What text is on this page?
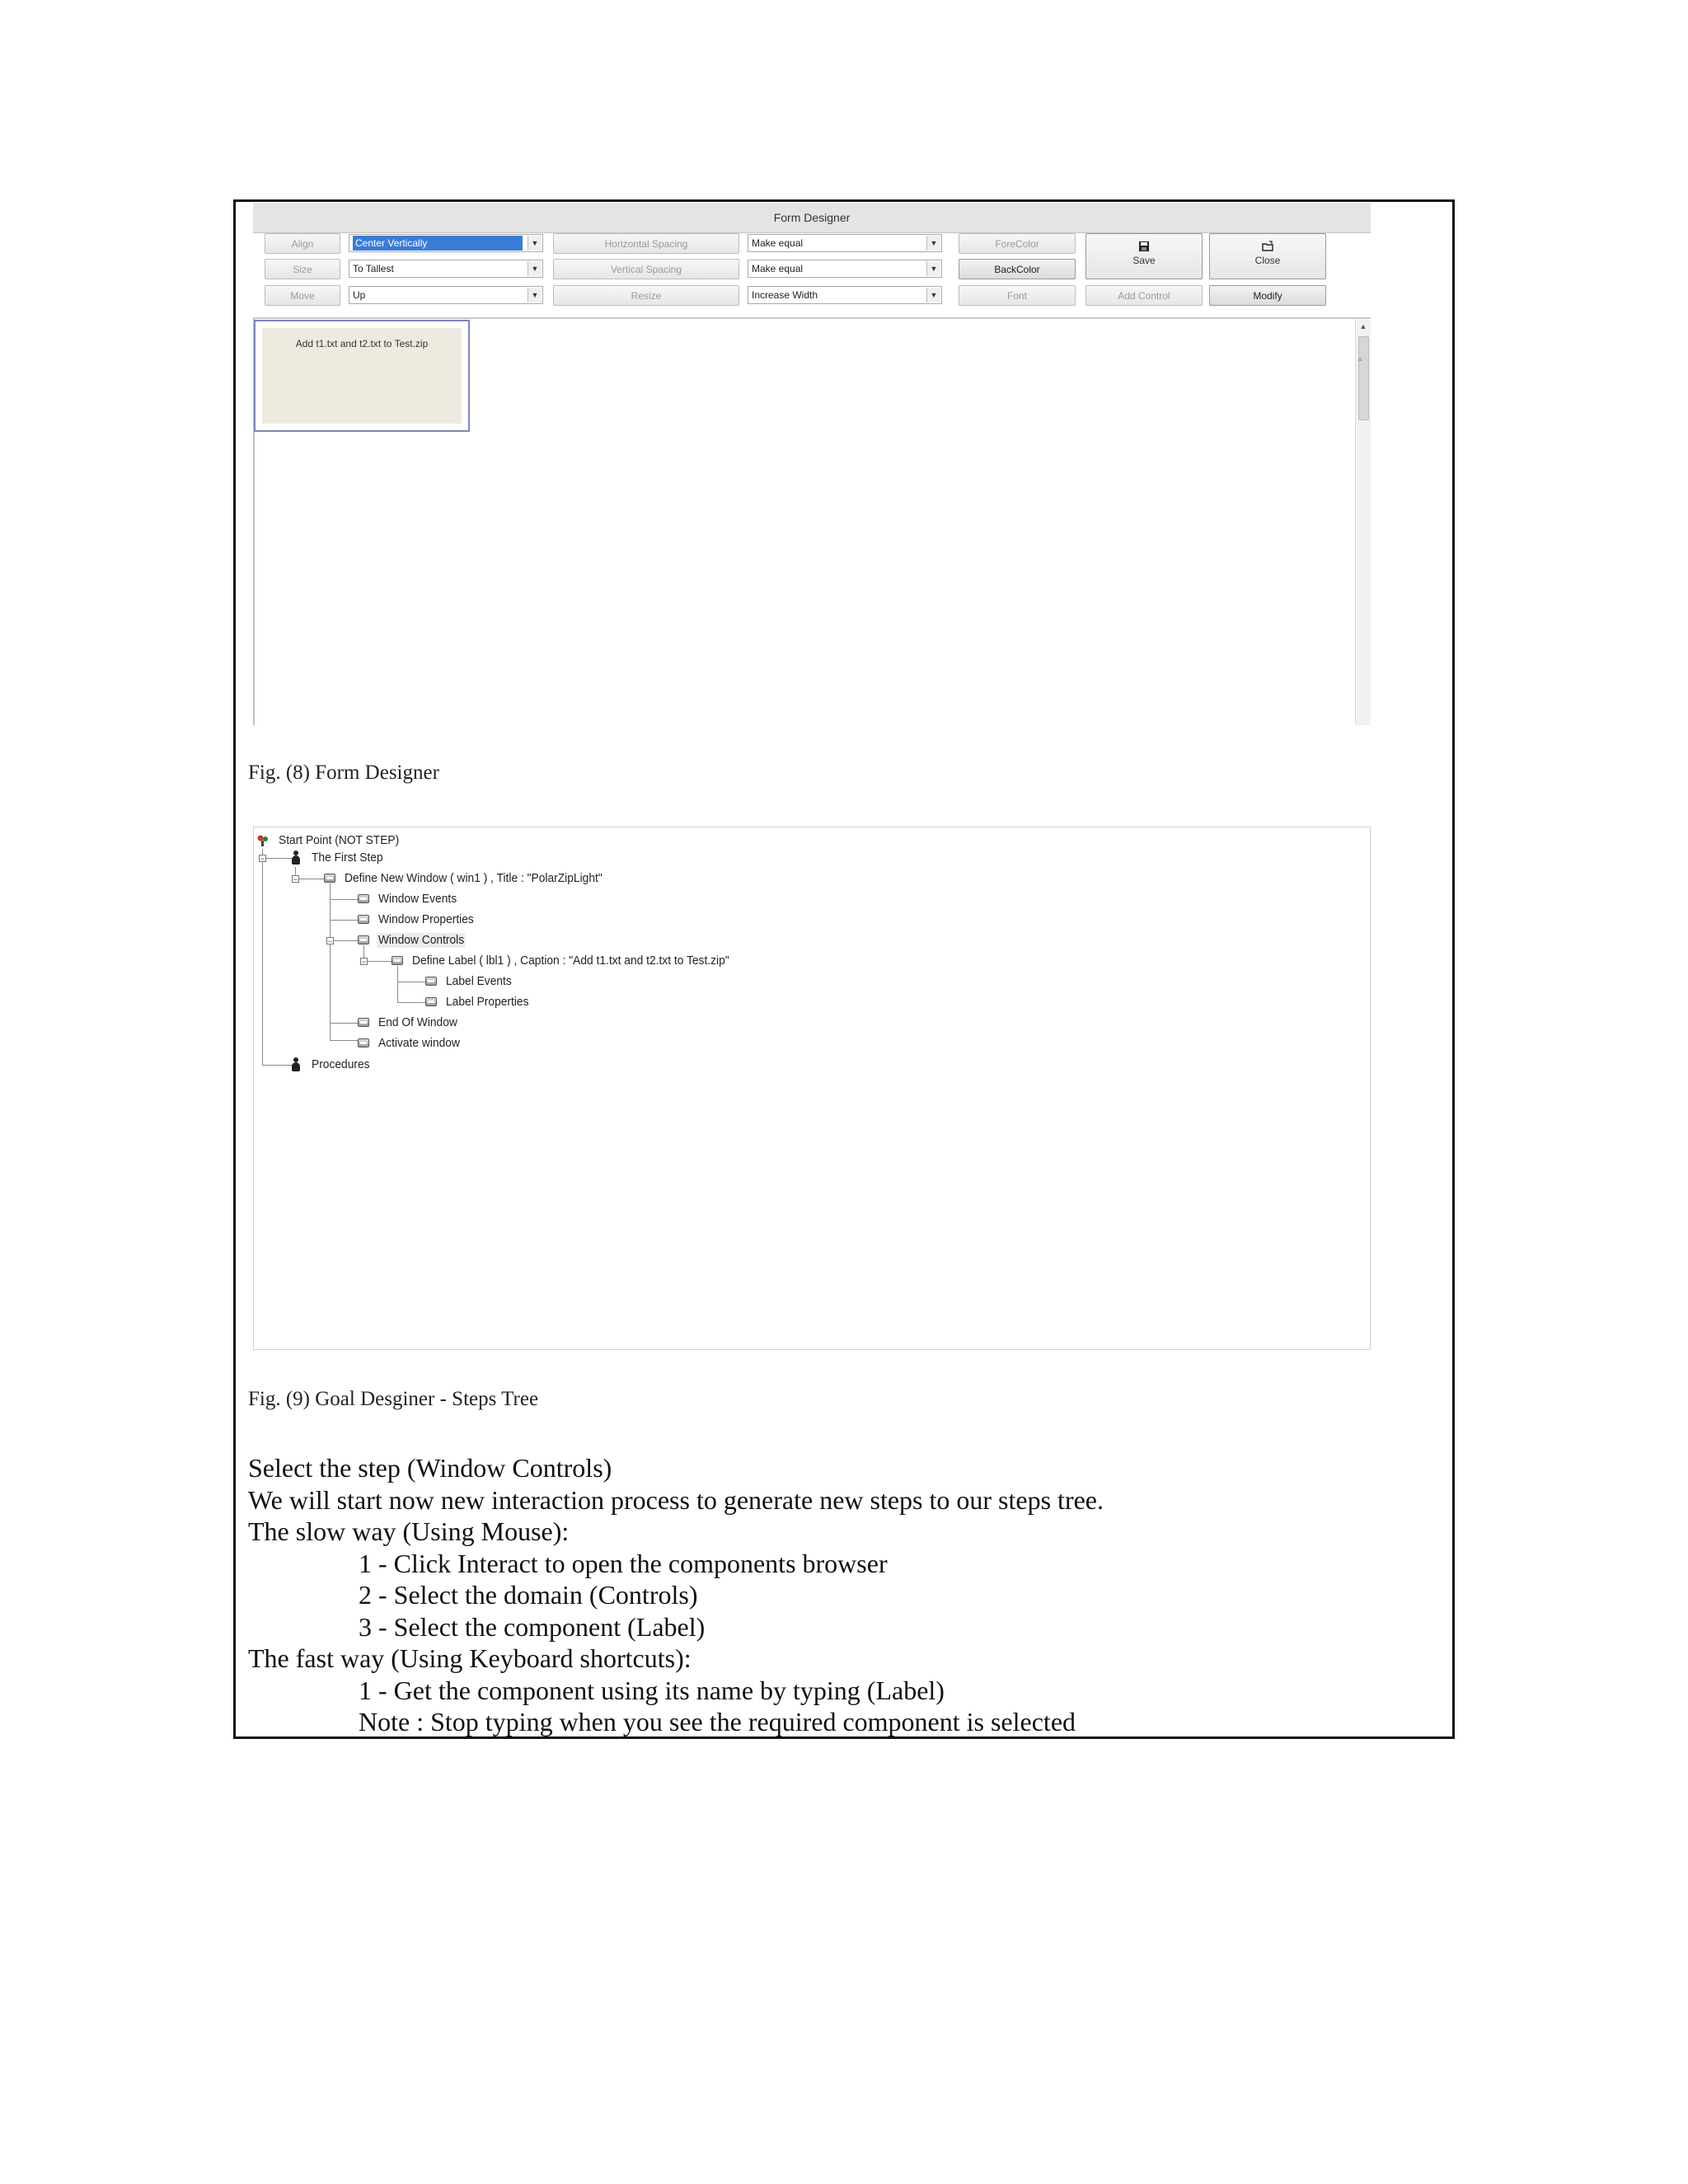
Form Designer
Align	Center Vertically	▼	Horizontal Spacing	Make equal	▼	ForeColor
Size	To Tallest	▼	Vertical Spacing	Make equal	▼	BackColor
Move	Up	▼	Resize	Increase Width	▼	Font
Save	Close
Add Control	Modify
Add t1.txt and t2.txt to Test.zip
▲
≡
Fig. (8) Form Designer
Start Point (NOT STEP)
−	The First Step
−	Define New Window ( win1 ) , Title : "PolarZipLight"
Window Events
Window Properties
−	Window Controls
−	Define Label ( lbl1 ) , Caption : "Add t1.txt and t2.txt to Test.zip"
Label Events
Label Properties
End Of Window
Activate window
Procedures
Fig. (9) Goal Desginer - Steps Tree
Select the step (Window Controls)
We will start now new interaction process to generate new steps to our steps tree.
The slow way (Using Mouse):
1 - Click Interact to open the components browser
2 - Select the domain (Controls)
3 - Select the component (Label)
The fast way (Using Keyboard shortcuts):
1 - Get the component using its name by typing (Label)
Note : Stop typing when you see the required component is selected
